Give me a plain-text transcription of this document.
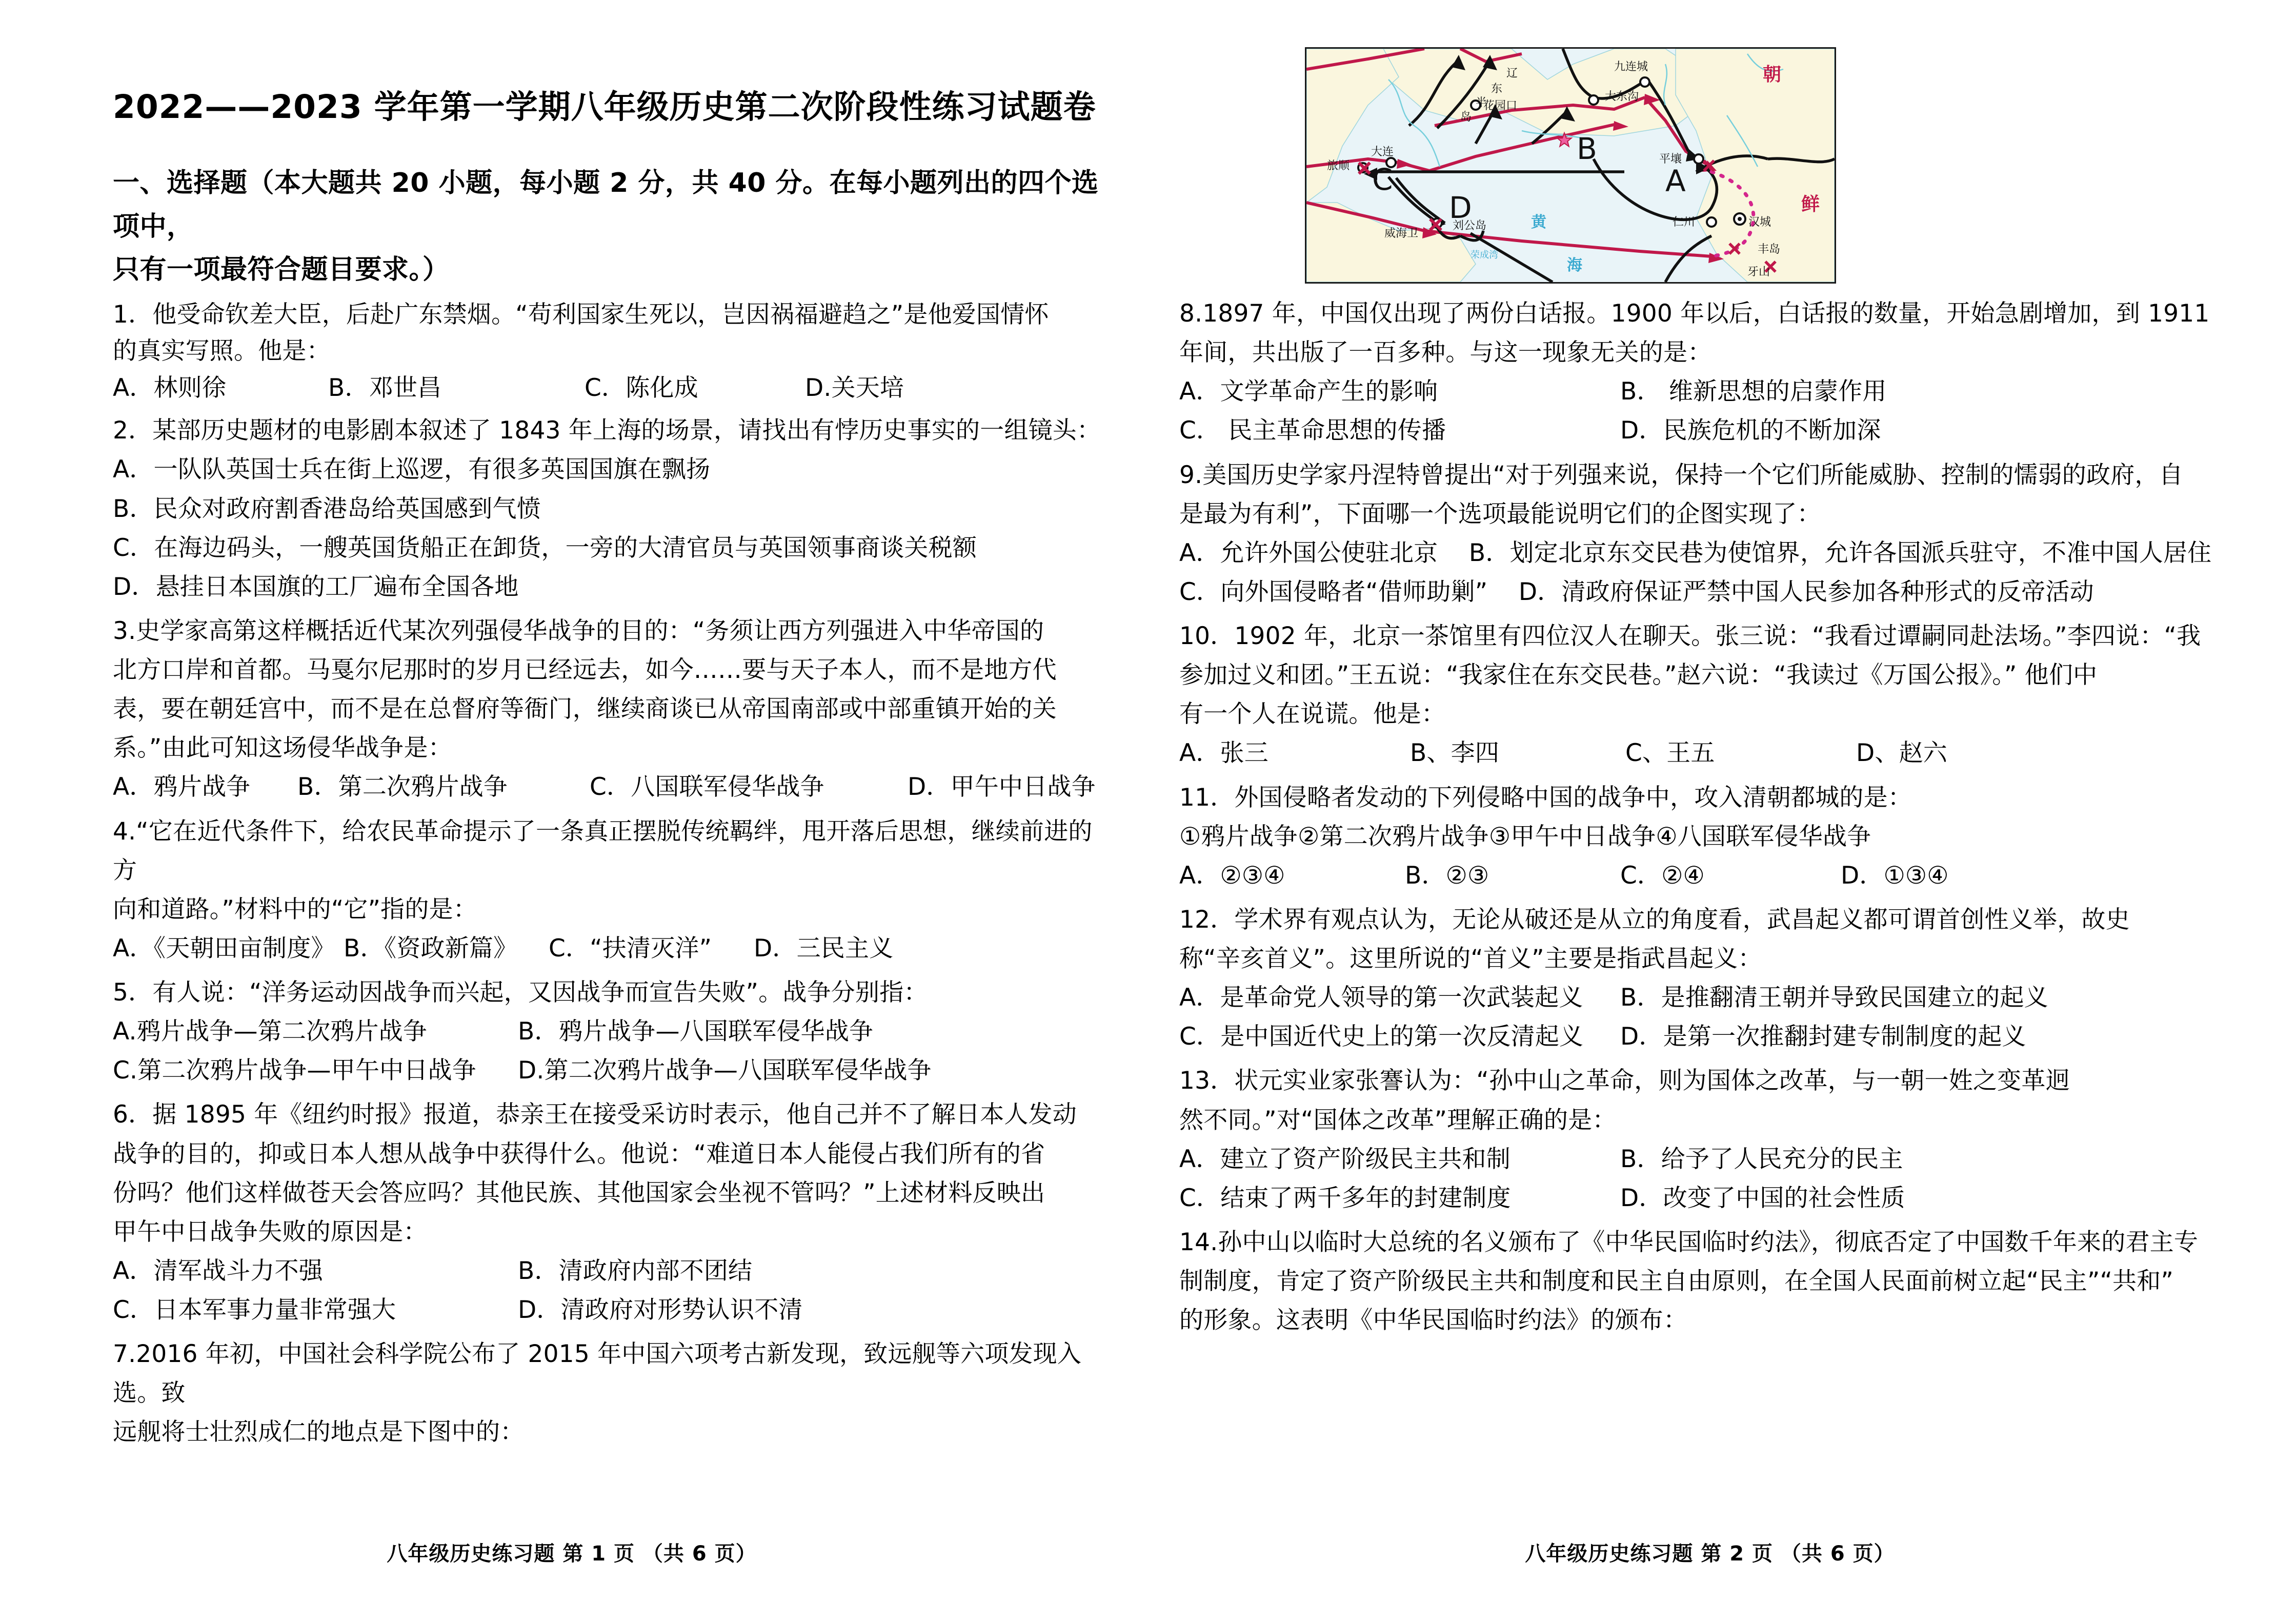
2022——2023 学年第一学期八年级历史第二次阶段性练习试题卷
一、选择题（本大题共 20 小题，每小题 2 分，共 40 分。在每小题列出的四个选项中，
只有一项最符合题目要求。）
1．他受命钦差大臣，后赴广东禁烟。“苟利国家生死以，岂因祸福避趋之”是他爱国情怀
的真实写照。他是：
A．林则徐	B．邓世昌	C．陈化成	D.关天培
2．某部历史题材的电影剧本叙述了 1843 年上海的场景，请找出有悖历史事实的一组镜头：
A．一队队英国士兵在街上巡逻，有很多英国国旗在飘扬
B．民众对政府割香港岛给英国感到气愤
C．在海边码头，一艘英国货船正在卸货，一旁的大清官员与英国领事商谈关税额
D．悬挂日本国旗的工厂遍布全国各地
3.史学家高第这样概括近代某次列强侵华战争的目的：“务须让西方列强进入中华帝国的
北方口岸和首都。马戛尔尼那时的岁月已经远去，如今……要与天子本人，而不是地方代
表，要在朝廷宫中，而不是在总督府等衙门，继续商谈已从帝国南部或中部重镇开始的关
系。”由此可知这场侵华战争是：
A．鸦片战争	B．第二次鸦片战争	C．八国联军侵华战争	D．甲午中日战争
4.“它在近代条件下，给农民革命提示了一条真正摆脱传统羁绊，甩开落后思想，继续前进的方
向和道路。”材料中的“它”指的是：
A．《天朝田亩制度》 B．《资政新篇》	C．“扶清灭洋”	D．三民主义
5．有人说：“洋务运动因战争而兴起，又因战争而宣告失败”。战争分别指：
A.鸦片战争—第二次鸦片战争	B．鸦片战争—八国联军侵华战争
C.第二次鸦片战争—甲午中日战争	D.第二次鸦片战争—八国联军侵华战争
6．据 1895 年《纽约时报》报道，恭亲王在接受采访时表示，他自己并不了解日本人发动
战争的目的，抑或日本人想从战争中获得什么。他说：“难道日本人能侵占我们所有的省
份吗？他们这样做苍天会答应吗？其他民族、其他国家会坐视不管吗？”上述材料反映出
甲午中日战争失败的原因是：
A．清军战斗力不强	B．清政府内部不团结
C．日本军事力量非常强大	D．清政府对形势认识不清
7.2016 年初，中国社会科学院公布了 2015 年中国六项考古新发现，致远舰等六项发现入选。致
远舰将士壮烈成仁的地点是下图中的：
八年级历史练习题 第 1 页 （共 6 页）
九连城
大东沟
花园口
大连
旅顺
平壤
威海卫
刘公岛	仁川	汉城
丰岛
牙山
辽
东
半
岛
黄
海
荣成湾
朝
鲜
B
A
C
D
8.1897 年，中国仅出现了两份白话报。1900 年以后，白话报的数量，开始急剧增加，到 1911
年间，共出版了一百多种。与这一现象无关的是：
A．文学革命产生的影响	B． 维新思想的启蒙作用
C． 民主革命思想的传播	D．民族危机的不断加深
9.美国历史学家丹涅特曾提出“对于列强来说，保持一个它们所能威胁、控制的懦弱的政府，自
是最为有利”，下面哪一个选项最能说明它们的企图实现了：
A．允许外国公使驻北京    B．划定北京东交民巷为使馆界，允许各国派兵驻守，不准中国人居住
C．向外国侵略者“借师助剿”    D．清政府保证严禁中国人民参加各种形式的反帝活动
10．1902 年，北京一茶馆里有四位汉人在聊天。张三说：“我看过谭嗣同赴法场。”李四说：“我
参加过义和团。”王五说：“我家住在东交民巷。”赵六说：“我读过《万国公报》。” 他们中
有一个人在说谎。他是：
A．张三	B、李四	C、王五	D、赵六
11．外国侵略者发动的下列侵略中国的战争中，攻入清朝都城的是：
①鸦片战争②第二次鸦片战争③甲午中日战争④八国联军侵华战争
A．②③④	B．②③	C．②④	D．①③④
12．学术界有观点认为，无论从破还是从立的角度看，武昌起义都可谓首创性义举，故史
称“辛亥首义”。这里所说的“首义”主要是指武昌起义：
A．是革命党人领导的第一次武装起义	B．是推翻清王朝并导致民国建立的起义
C．是中国近代史上的第一次反清起义	D．是第一次推翻封建专制制度的起义
13．状元实业家张謇认为：“孙中山之革命，则为国体之改革，与一朝一姓之变革迥
然不同。”对“国体之改革”理解正确的是：
A．建立了资产阶级民主共和制	B．给予了人民充分的民主
C．结束了两千多年的封建制度	D．改变了中国的社会性质
14.孙中山以临时大总统的名义颁布了《中华民国临时约法》，彻底否定了中国数千年来的君主专
制制度，肯定了资产阶级民主共和制度和民主自由原则，在全国人民面前树立起“民主”“共和”
的形象。这表明《中华民国临时约法》的颁布：
八年级历史练习题 第 2 页 （共 6 页）
